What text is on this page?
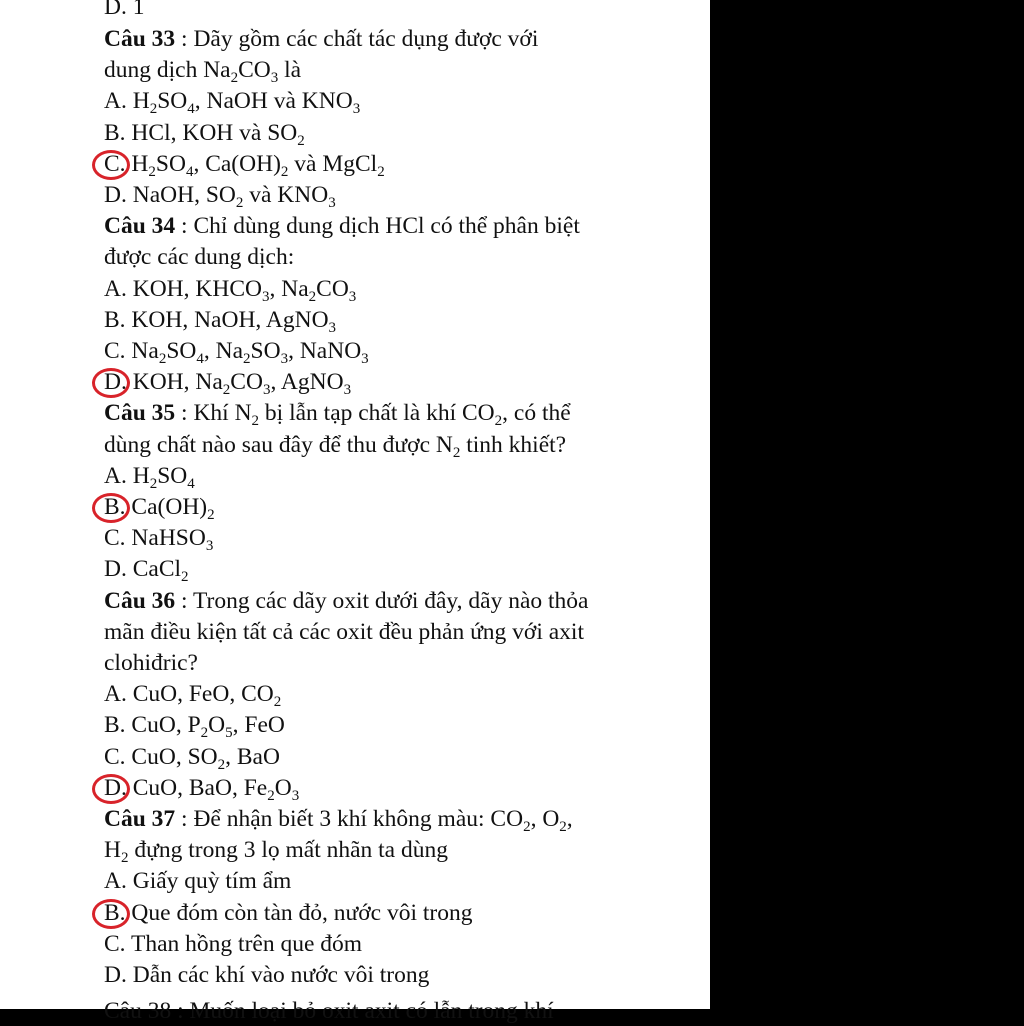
D. 1
Câu 33 : Dãy gồm các chất tác dụng được với
dung dịch $Na_2CO_3$ là
A. $H_2SO_4$, NaOH và $KNO_3$
B. HCl, KOH và $SO_2$
C. $H_2SO_4$, $Ca(OH)_2$ và MgCl$_2$
D. NaOH, $SO_2$ và $KNO_3$
Câu 34 : Chỉ dùng dung dịch HCl có thể phân biệt
được các dung dịch:
A. KOH, $KHCO_3$, $Na_2CO_3$
B. KOH, NaOH, AgNO$_3$
C. $Na_2SO_4$, $Na_2SO_3$, NaNO$_3$
D. KOH, $Na_2CO_3$, AgNO$_3$
Câu 35 : Khí $N_2$ bị lẫn tạp chất là khí $CO_2$, có thể
dùng chất nào sau đây để thu được $N_2$ tinh khiết?
A. $H_2SO_4$
B. $Ca(OH)_2$
C. NaHSO$_3$
D. CaCl$_2$
Câu 36 : Trong các dãy oxit dưới đây, dãy nào thỏa
mãn điều kiện tất cả các oxit đều phản ứng với axit
clohiđric?
A. CuO, FeO, $CO_2$
B. CuO, $P_2O_5$, FeO
C. CuO, $SO_2$, BaO
D. CuO, BaO, $Fe_2O_3$
Câu 37 : Để nhận biết 3 khí không màu: $CO_2$, $O_2$,
$H_2$ đựng trong 3 lọ mất nhãn ta dùng
A. Giấy quỳ tím ẩm
B. Que đóm còn tàn đỏ, nước vôi trong
C. Than hồng trên que đóm
D. Dẫn các khí vào nước vôi trong
Câu 38 : Muốn loại bỏ oxit axit có lẫn trong khí
